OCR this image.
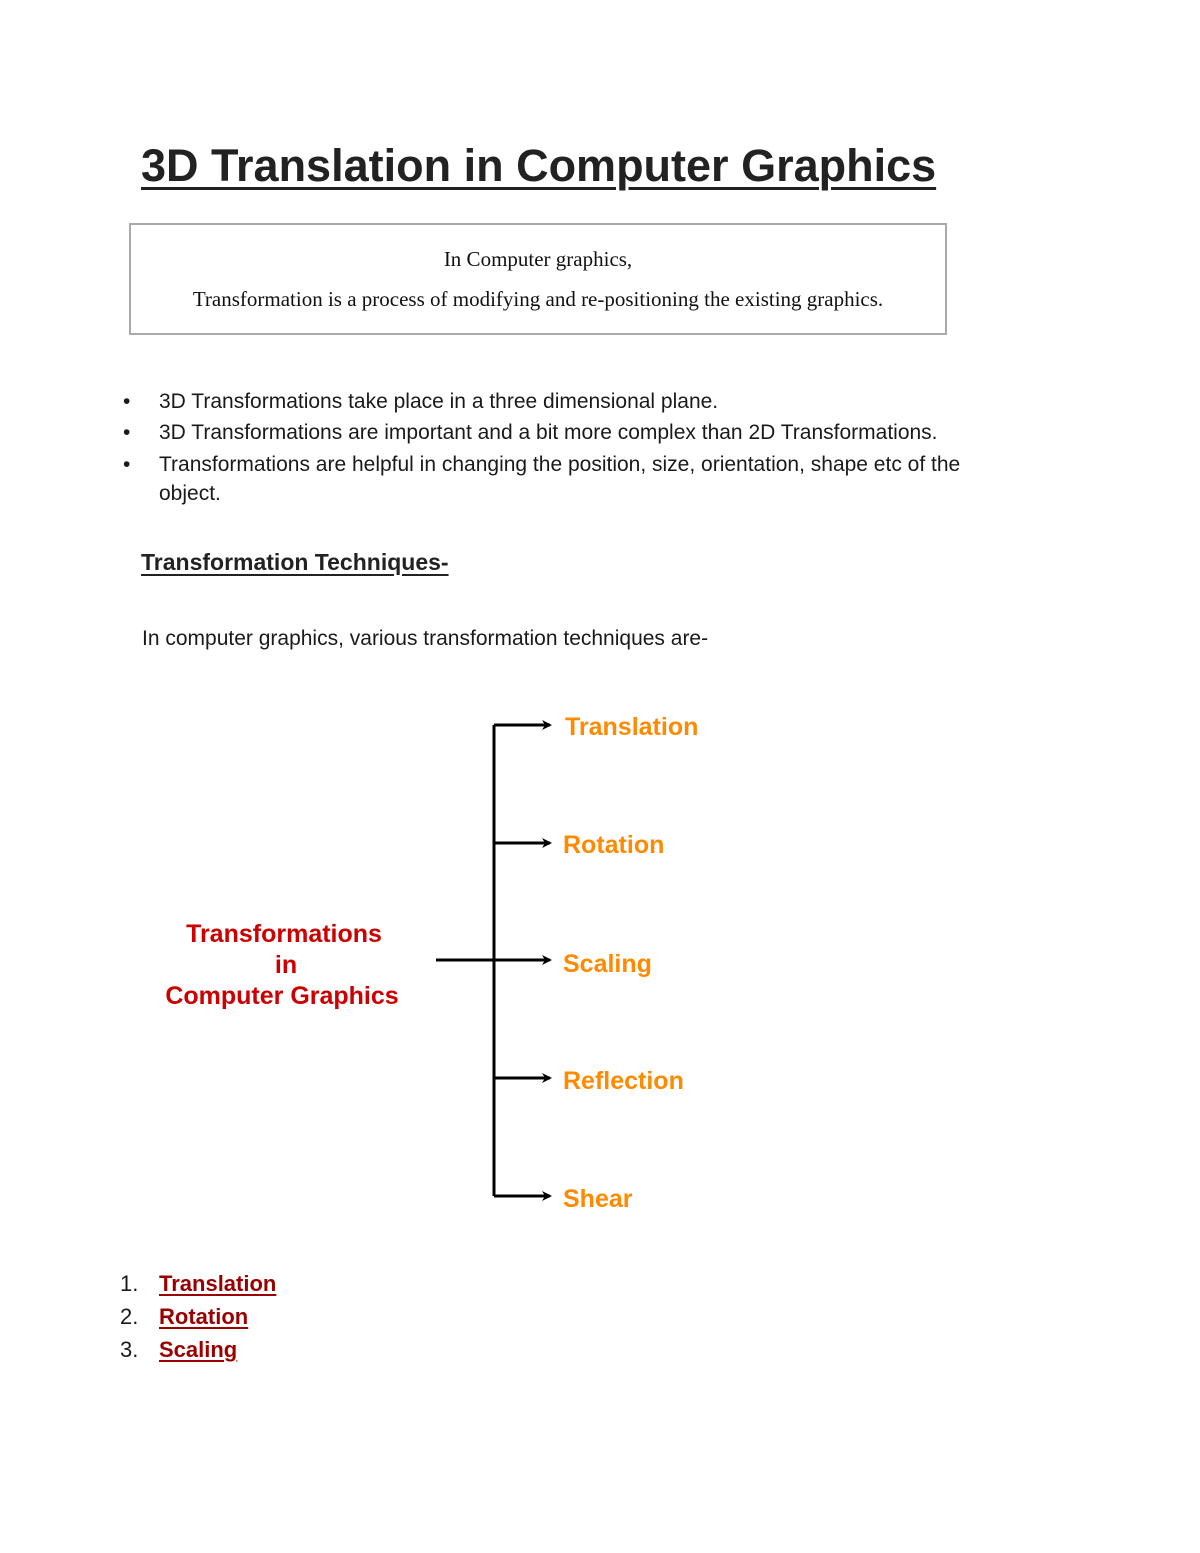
3D Translation in Computer Graphics
In Computer graphics,
Transformation is a process of modifying and re-positioning the existing graphics.
• 3D Transformations take place in a three dimensional plane.
• 3D Transformations are important and a bit more complex than 2D Transformations.
• Transformations are helpful in changing the position, size, orientation, shape etc of the
object.
Transformation Techniques-

In computer graphics, various transformation techniques are-

Transformations
in
Computer Graphics
Translation
Rotation
Scaling
Reflection
Shear
1. Translation
2. Rotation
3. Scaling
